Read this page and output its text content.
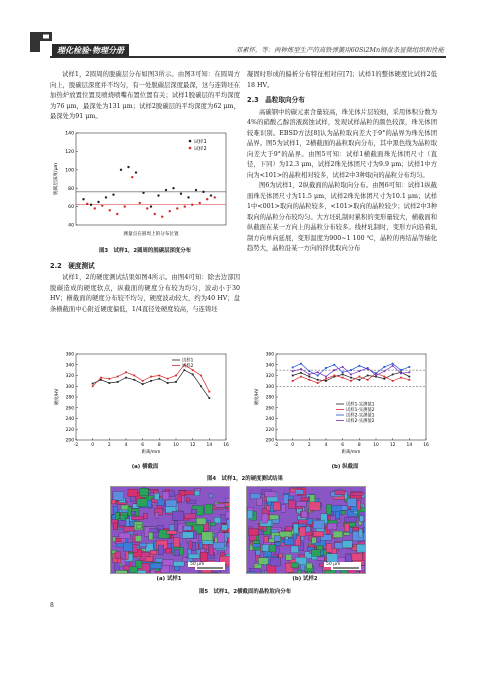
理化检验·物理分册	邓素怀，等：两种炼型生产的高铁弹簧用60Si2Mn钢盘条显微组织和性能

试样1，2圆周的脱碳层分布如图3所示。由图3可知：在圆周方向上，脱碳层深度并不均匀，有一处脱碳层深度最深，这与连铸坯在加热炉放置位置及喷烧喷嘴布置位置有关；试样1脱碳层的平均深度为76 μm，最深处为131 μm；试样2脱碳层的平均深度为62 μm，最深处为91 μm。

40
60
80
100
120
140
试样1
试样2
脱碳层深度/μm
测量点在圆周上的分布位置
图3　试样1，2圆周的脱碳层深度分布
2.2　硬度测试

试样1，2的硬度测试结果如图4所示。由图4可知：除去边部因脱碳造成的硬度软点，纵截面的硬度分布较为均匀，波动小于30 HV；横截面的硬度分布较不均匀，硬度波动较大，约为40 HV；盘条横截面中心附近硬度偏低，1/4直径处硬度较高，与连铸坯

凝固时形成的偏析分布特征相对应[7]；试样1的整体硬度比试样2低18 HV。

2.3　晶粒取向分布

高碳钢中的碳元素含量较高，珠光体片层较细，采用体积分数为4%的硝酸乙醇溶液腐蚀试样，发现试样晶粒的颜色较深，珠光体团较难识别。EBSD方法[8]认为晶粒取向差大于9°的晶界为珠光体团晶界。图5为试样1，2横截面的晶粒取向分布，其中黑色线为晶粒取向差大于9°的晶界。由图5可知：试样1横截面珠光体团尺寸（直径，下同）为12.3 μm，试样2珠光体团尺寸为9.9 μm；试样1中方向为<101>的晶粒相对较多，试样2中3种取向的晶粒分布均匀。

图6为试样1，2纵截面的晶粒取向分布。由图6可知：试样1纵截面珠光体团尺寸为11.5 μm，试样2珠光体团尺寸为10.1 μm；试样1中<001>取向的晶粒较多，<101>取向的晶粒较少；试样2中3种取向的晶粒分布较均匀。大方坯轧制时累积的变形量较大，横截面和纵截面在某一方向上的晶粒分布较多。线材轧制时，变形方向沿着轧制方向单向延展，变形温度为900~1 100 ℃，晶粒的再结晶等轴化趋势大，晶粒沿某一方向的择优取向分布

200
220
240
260
280
300
320
340
360
-2	0	2	4	6	8	10	12	14	16
试样1
试样2
硬度/HV
距离/mm
200
220
240
260
280
300
320
340
360
-2	0	2	4	6	8	10	12	14	16
试样1-实测值1
试样1-实测值2
试样2-实测值1
试样2-实测值2
硬度/HV
距离/mm
(a) 横截面	(b) 纵截面
图4　试样1，2的硬度测试结果
50 μm	50 μm
(a) 试样1	(b) 试样2
图5　试样1，2横截面的晶粒取向分布
8
